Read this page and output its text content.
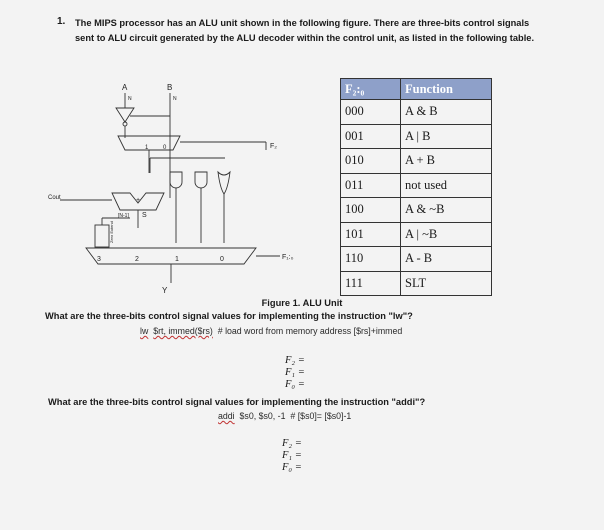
1. The MIPS processor has an ALU unit shown in the following figure. There are three-bits control signals sent to ALU circuit generated by the ALU decoder within the control unit, as listed in the following table.
A	B
N	N
1 0	F₂
Cout	+
S
[N-1]
Zero Extend
3	2	1	0	F₁:₀
Y
F₂:₀	Function
000	A & B
001	A | B
010	A + B
011	not used
100	A & ~B
101	A | ~B
110	A - B
111	SLT
Figure 1. ALU Unit
What are the three-bits control signal values for implementing the instruction "lw"?
lw $rt, immed($rs) # load word from memory address [$rs]+immed
F₂ =
F₁ =
F₀ =
What are the three-bits control signal values for implementing the instruction "addi"?
addi $s0, $s0, -1 # [$s0]= [$s0]-1
F₂ =
F₁ =
F₀ =
